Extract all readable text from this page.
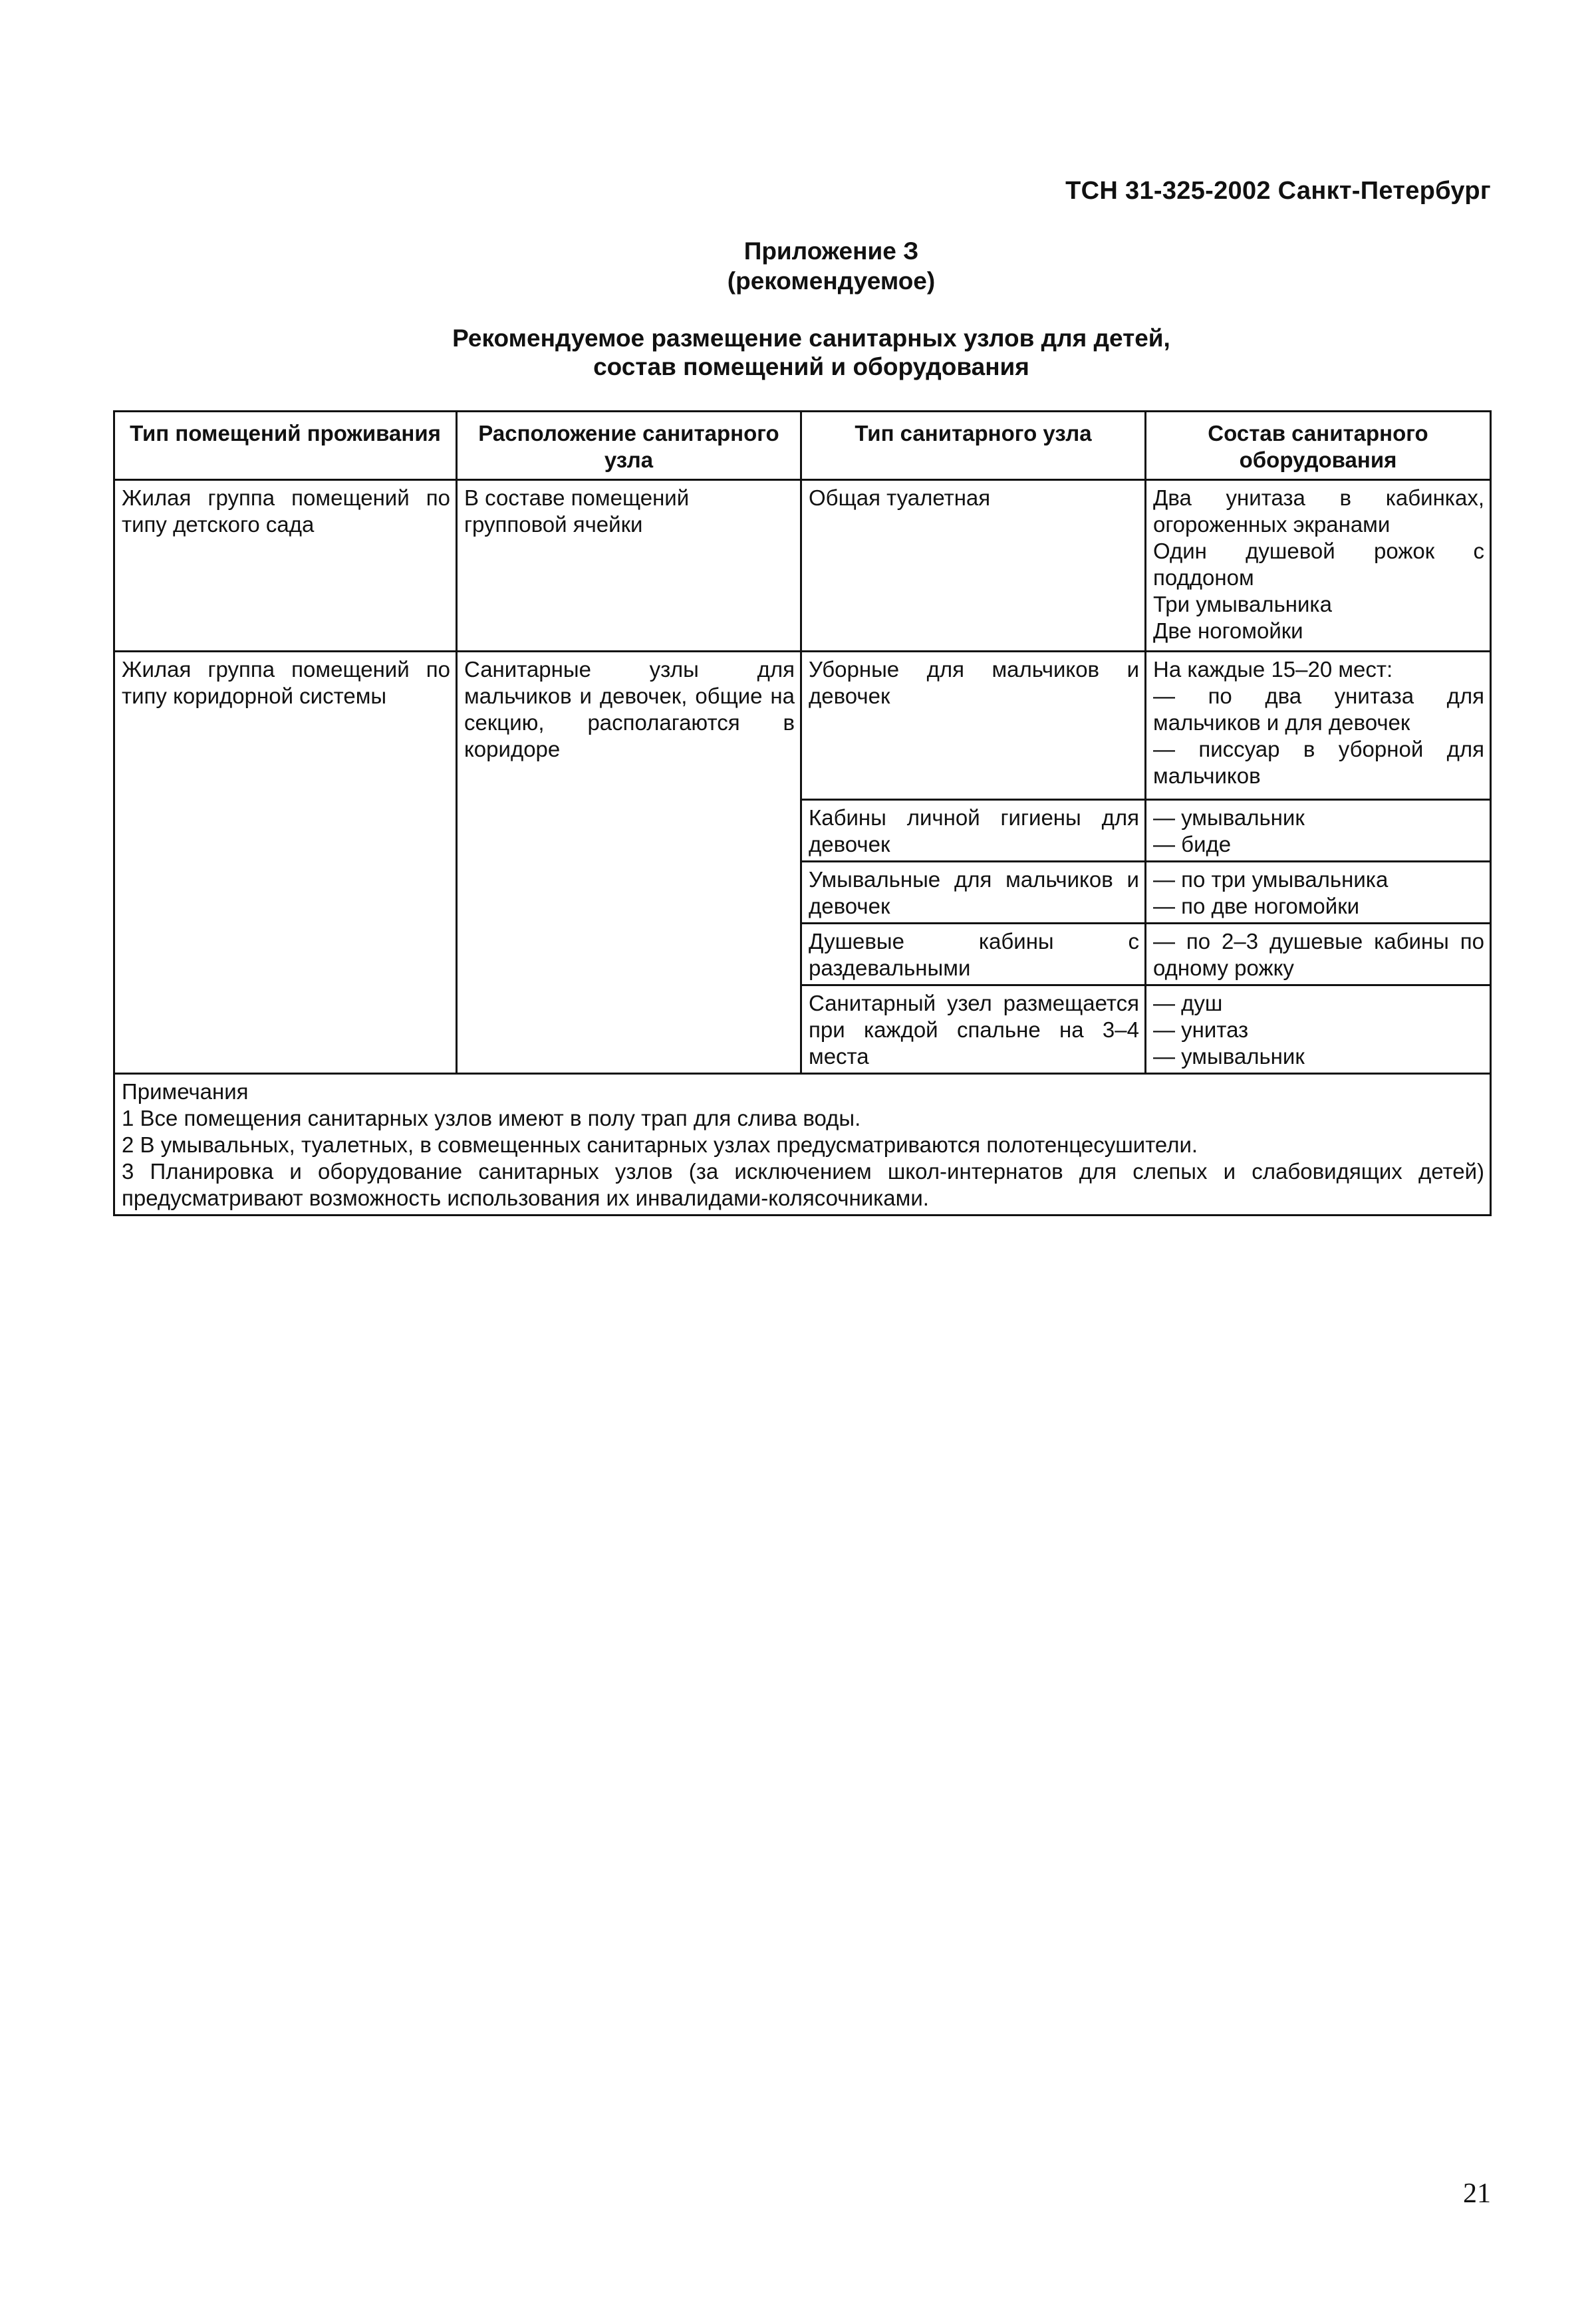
ТСН 31-325-2002 Санкт-Петербург
Приложение З
(рекомендуемое)
Рекомендуемое размещение санитарных узлов для детей,
состав помещений и оборудования
Тип помещений проживания	Расположение санитарного узла	Тип санитарного узла	Состав санитарного оборудования
Жилая группа помещений по типу детского сада	В составе помещений групповой ячейки	Общая туалетная	Два унитаза в кабинках, огороженных экранами
Один душевой рожок с поддоном
Три умывальника
Две ногомойки

Жилая группа помещений по типу коридорной системы	Санитарные узлы для мальчиков и девочек, общие на секцию, располагаются в коридоре	Уборные для мальчиков и девочек	На каждые 15–20 мест:
— по два унитаза для мальчиков и для девочек
— писсуар в уборной для мальчиков

		Кабины личной гигиены для девочек	— умывальник
— биде

		Умывальные для мальчиков и девочек	— по три умывальника
— по две ногомойки

		Душевые кабины с раздевальными	— по 2–3 душевые кабины по одному рожку

		Санитарный узел размещается при каждой спальне на 3–4 места	— душ
— унитаз
— умывальник

Примечания
1 Все помещения санитарных узлов имеют в полу трап для слива воды.
2 В умывальных, туалетных, в совмещенных санитарных узлах предусматриваются полотенцесушители.
3 Планировка и оборудование санитарных узлов (за исключением школ-интернатов для слепых и слабовидящих детей) предусматривают возможность использования их инвалидами-колясочниками.			
21
